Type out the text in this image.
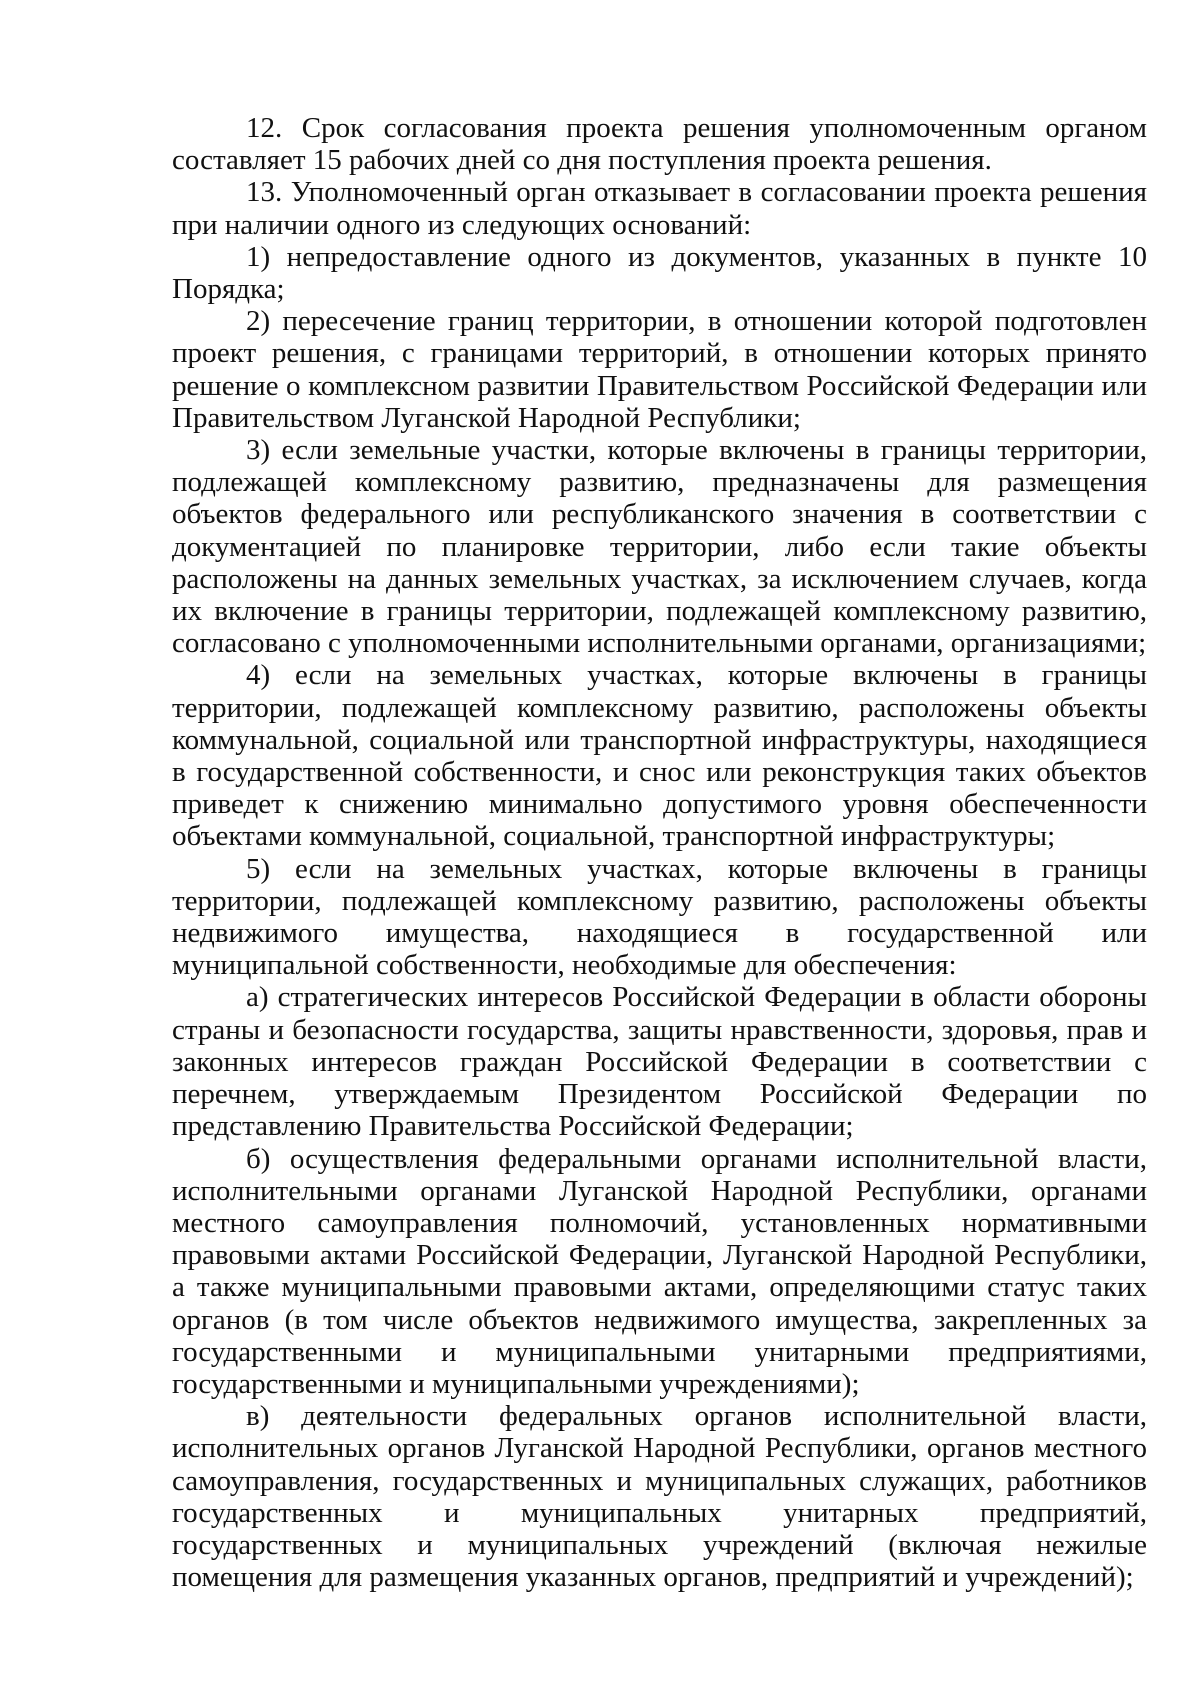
12. Срок согласования проекта решения уполномоченным органом составляет 15 рабочих дней со дня поступления проекта решения.

13. Уполномоченный орган отказывает в согласовании проекта решения при наличии одного из следующих оснований:

1) непредоставление одного из документов, указанных в пункте 10 Порядка;

2) пересечение границ территории, в отношении которой подготовлен проект решения, с границами территорий, в отношении которых принято решение о комплексном развитии Правительством Российской Федерации или Правительством Луганской Народной Республики;

3) если земельные участки, которые включены в границы территории, подлежащей комплексному развитию, предназначены для размещения объектов федерального или республиканского значения в соответствии с документацией по планировке территории, либо если такие объекты расположены на данных земельных участках, за исключением случаев, когда их включение в границы территории, подлежащей комплексному развитию, согласовано с уполномоченными исполнительными органами, организациями;

4) если на земельных участках, которые включены в границы территории, подлежащей комплексному развитию, расположены объекты коммунальной, социальной или транспортной инфраструктуры, находящиеся в государственной собственности, и снос или реконструкция таких объектов приведет к снижению минимально допустимого уровня обеспеченности объектами коммунальной, социальной, транспортной инфраструктуры;

5) если на земельных участках, которые включены в границы территории, подлежащей комплексному развитию, расположены объекты недвижимого имущества, находящиеся в государственной или муниципальной собственности, необходимые для обеспечения:

а) стратегических интересов Российской Федерации в области обороны страны и безопасности государства, защиты нравственности, здоровья, прав и законных интересов граждан Российской Федерации в соответствии с перечнем, утверждаемым Президентом Российской Федерации по представлению Правительства Российской Федерации;

б) осуществления федеральными органами исполнительной власти, исполнительными органами Луганской Народной Республики, органами местного самоуправления полномочий, установленных нормативными правовыми актами Российской Федерации, Луганской Народной Республики, а также муниципальными правовыми актами, определяющими статус таких органов (в том числе объектов недвижимого имущества, закрепленных за государственными и муниципальными унитарными предприятиями, государственными и муниципальными учреждениями);

в) деятельности федеральных органов исполнительной власти, исполнительных органов Луганской Народной Республики, органов местного самоуправления, государственных и муниципальных служащих, работников государственных и муниципальных унитарных предприятий, государственных и муниципальных учреждений (включая нежилые помещения для размещения указанных органов, предприятий и учреждений);
